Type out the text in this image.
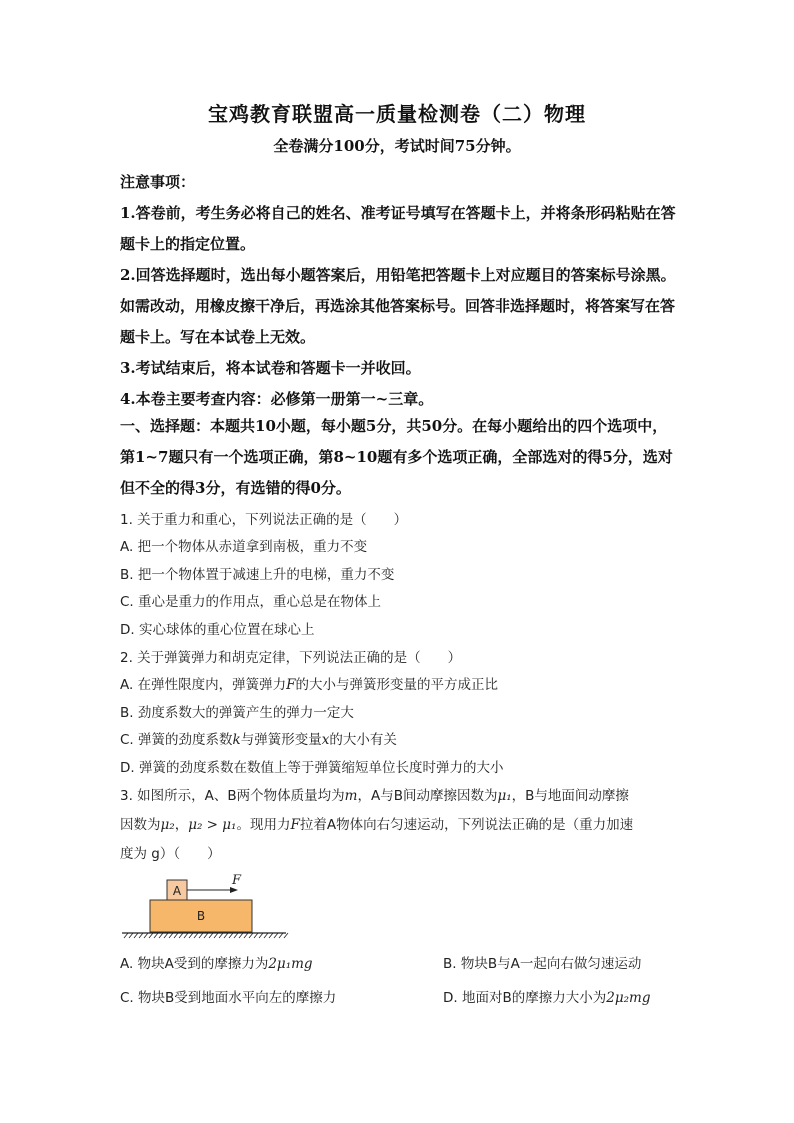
宝鸡教育联盟高一质量检测卷（二）物理
全卷满分100分，考试时间75分钟。
注意事项：

1.答卷前，考生务必将自己的姓名、准考证号填写在答题卡上，并将条形码粘贴在答题卡上的指定位置。

2.回答选择题时，选出每小题答案后，用铅笔把答题卡上对应题目的答案标号涂黑。如需改动，用橡皮擦干净后，再选涂其他答案标号。回答非选择题时，将答案写在答题卡上。写在本试卷上无效。

3.考试结束后，将本试卷和答题卡一并收回。

4.本卷主要考查内容：必修第一册第一~三章。

一、选择题：本题共10小题，每小题5分，共50分。在每小题给出的四个选项中，第1~7题只有一个选项正确，第8~10题有多个选项正确，全部选对的得5分，选对但不全的得3分，有选错的得0分。

1. 关于重力和重心，下列说法正确的是（　　）

A. 把一个物体从赤道拿到南极，重力不变

B. 把一个物体置于减速上升的电梯，重力不变

C. 重心是重力的作用点，重心总是在物体上

D. 实心球体的重心位置在球心上

2. 关于弹簧弹力和胡克定律，下列说法正确的是（　　）

A. 在弹性限度内，弹簧弹力F的大小与弹簧形变量的平方成正比

B. 劲度系数大的弹簧产生的弹力一定大

C. 弹簧的劲度系数k与弹簧形变量x的大小有关

D. 弹簧的劲度系数在数值上等于弹簧缩短单位长度时弹力的大小

3. 如图所示，A、B两个物体质量均为m，A与B间动摩擦因数为μ₁，B与地面间动摩擦

因数为μ₂，μ₂ > μ₁。现用力F拉着A物体向右匀速运动，下列说法正确的是（重力加速

度为 g）（　　）

A
F
B
A. 物块A受到的摩擦力为2μ₁mg	B. 物块B与A一起向右做匀速运动
C. 物块B受到地面水平向左的摩擦力	D. 地面对B的摩擦力大小为2μ₂mg
